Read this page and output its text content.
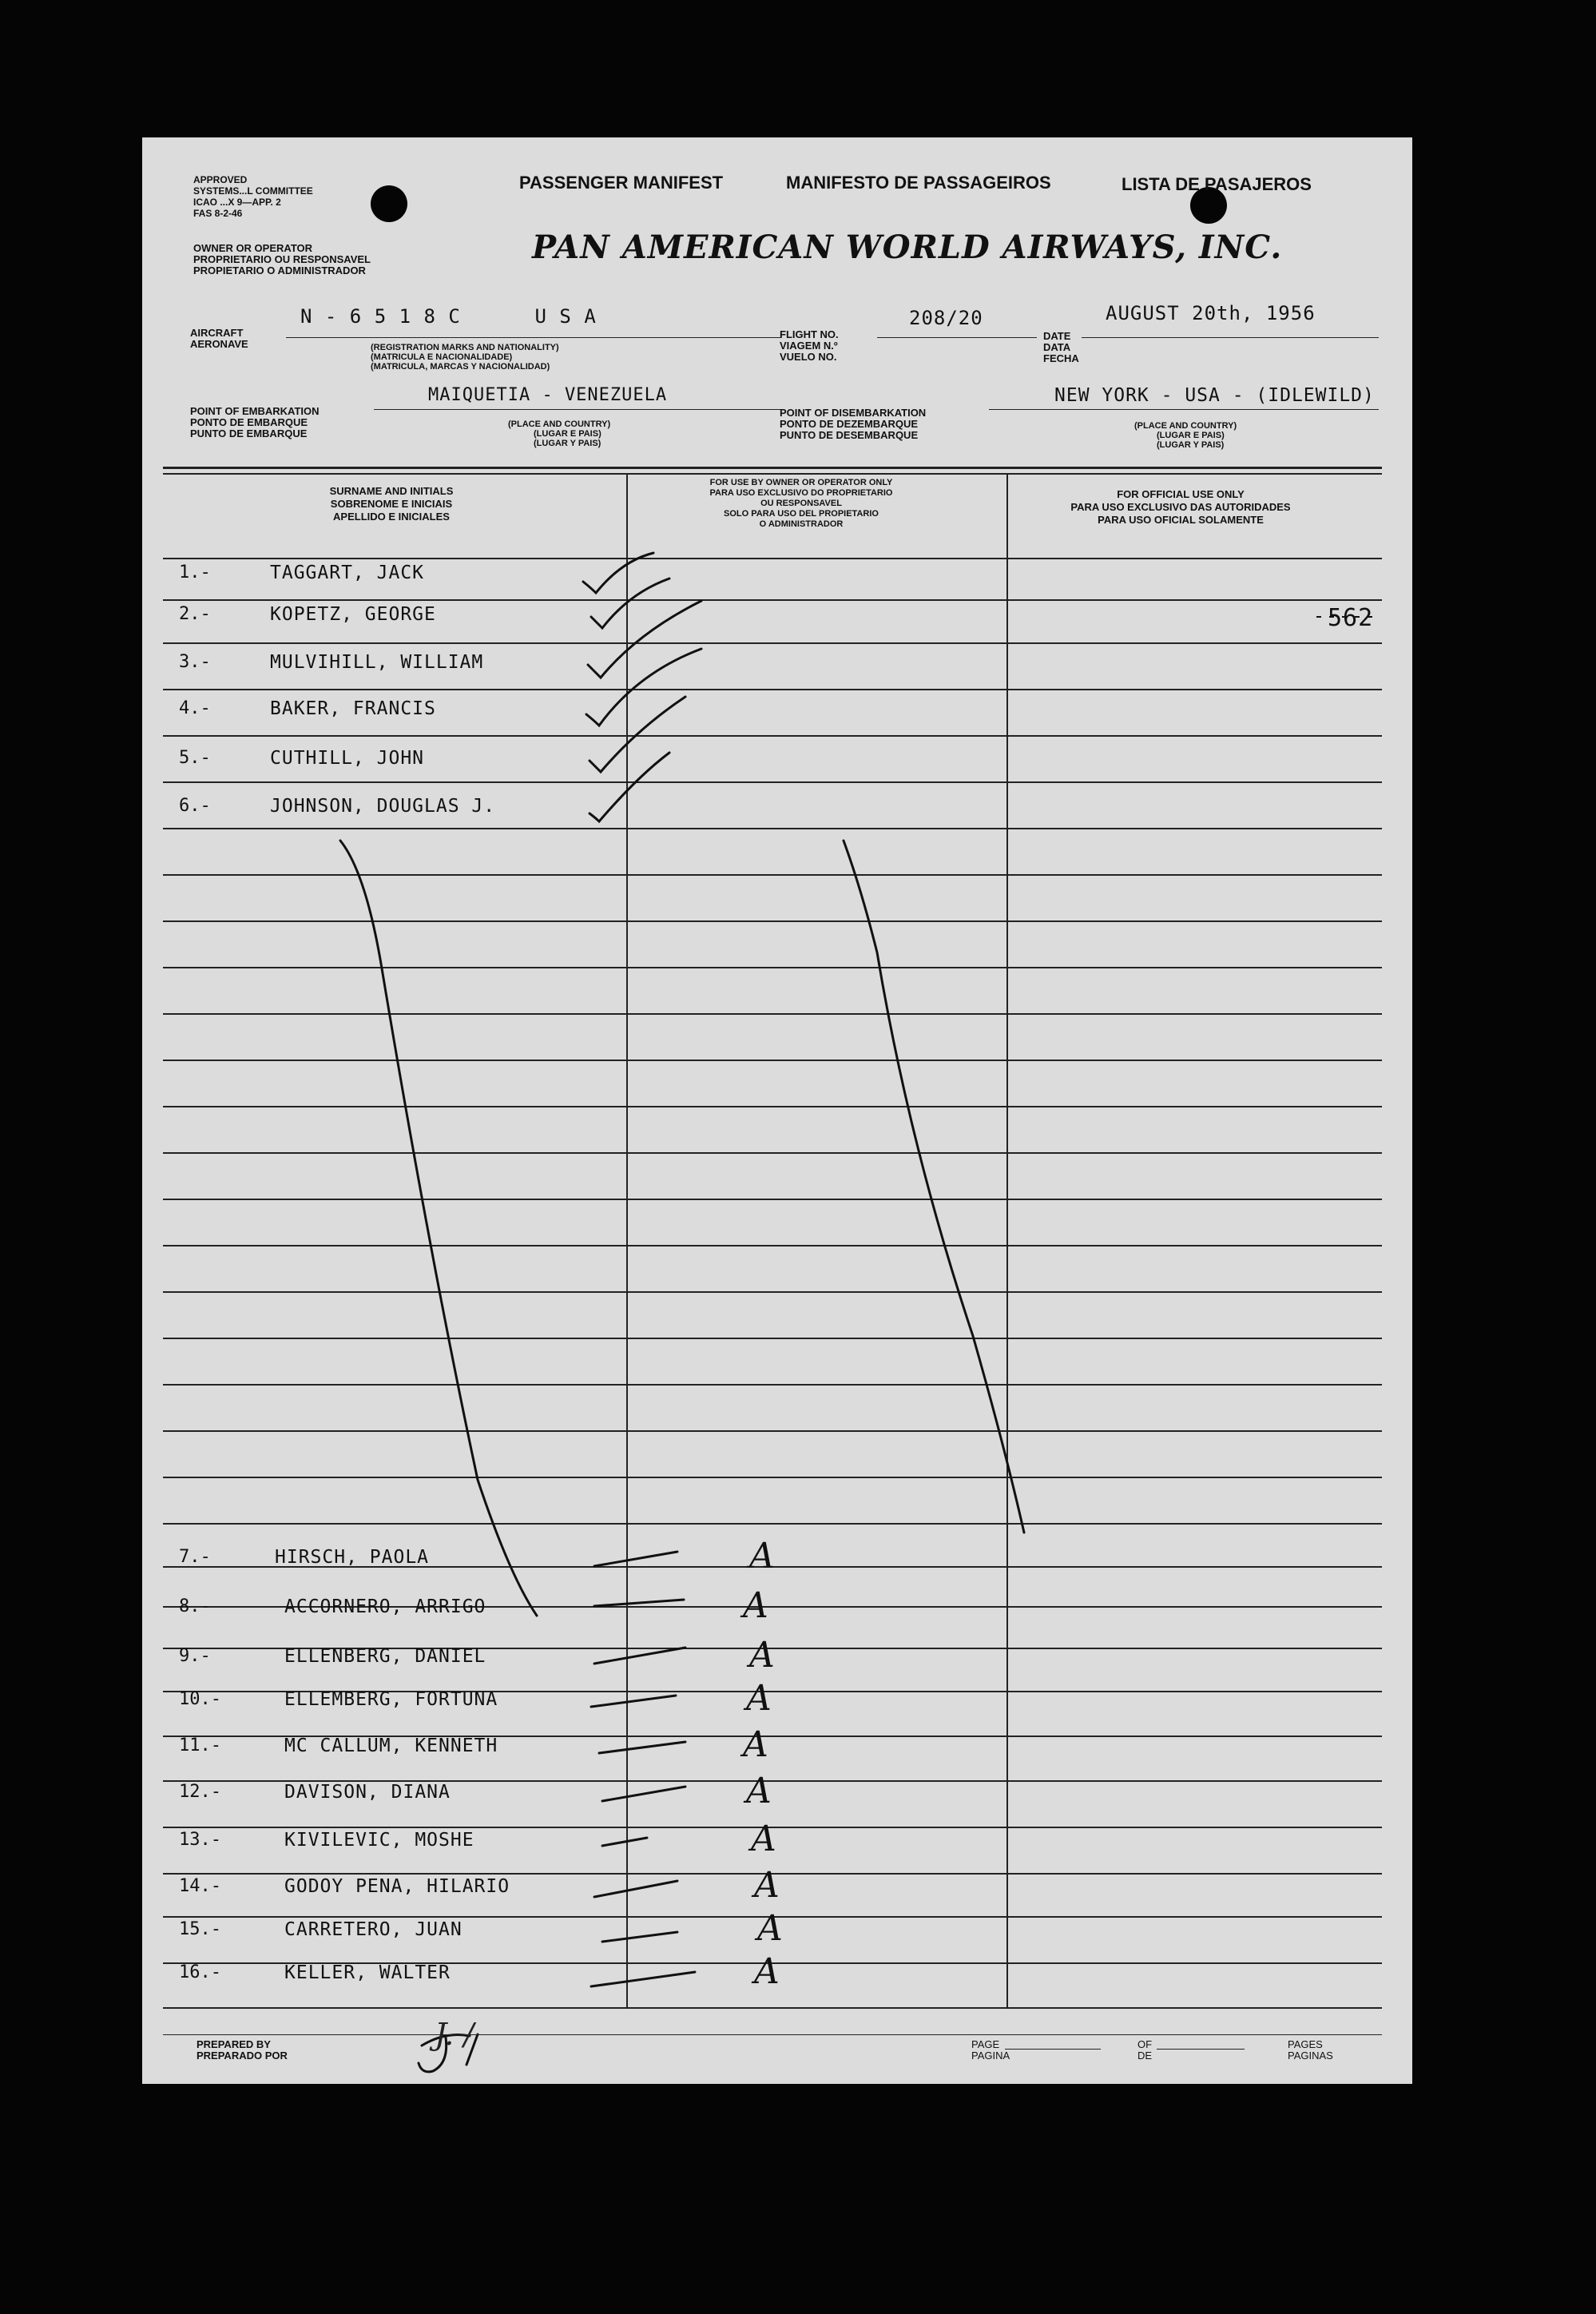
APPROVED
SYSTEMS...L COMMITTEE
ICAO ...X 9—APP. 2
FAS 8-2-46
PASSENGER MANIFEST	MANIFESTO DE PASSAGEIROS	LISTA DE PASAJEROS
OWNER OR OPERATOR
PROPRIETARIO OU RESPONSAVEL
PROPIETARIO O ADMINISTRADOR
PAN AMERICAN WORLD AIRWAYS, INC.
AIRCRAFT
AERONAVE
N - 6 5 1 8 C      U S A
(REGISTRATION MARKS AND NATIONALITY)
(MATRICULA E NACIONALIDADE)
(MATRICULA, MARCAS Y NACIONALIDAD)
FLIGHT NO.
VIAGEM N.º
VUELO NO.
208/20
DATE
DATA
FECHA
AUGUST 20th, 1956
POINT OF EMBARKATION
PONTO DE EMBARQUE
PUNTO DE EMBARQUE
MAIQUETIA - VENEZUELA
(PLACE AND COUNTRY)
(LUGAR E PAIS)
(LUGAR Y PAIS)
POINT OF DISEMBARKATION
PONTO DE DEZEMBARQUE
PUNTO DE DESEMBARQUE
NEW YORK - USA - (IDLEWILD)
(PLACE AND COUNTRY)
(LUGAR E PAIS)
(LUGAR Y PAIS)
SURNAME AND INITIALS
SOBRENOME E INICIAIS
APELLIDO E INICIALES
FOR USE BY OWNER OR OPERATOR ONLY
PARA USO EXCLUSIVO DO PROPRIETARIO
OU RESPONSAVEL
SOLO PARA USO DEL PROPIETARIO
O ADMINISTRADOR
FOR OFFICIAL USE ONLY
PARA USO EXCLUSIVO DAS AUTORIDADES
PARA USO OFICIAL SOLAMENTE
562
1.-	TAGGART, JACK
2.-	KOPETZ, GEORGE
3.-	MULVIHILL, WILLIAM
4.-	BAKER, FRANCIS
5.-	CUTHILL, JOHN
6.-	JOHNSON, DOUGLAS J.
7.-	HIRSCH, PAOLA	A
8.-	ACCORNERO, ARRIGO	A
9.-	ELLENBERG, DANIEL	A
10.-	ELLEMBERG, FORTUNA	A
11.-	MC CALLUM, KENNETH	A
12.-	DAVISON, DIANA	A
13.-	KIVILEVIC, MOSHE	A
14.-	GODOY PENA, HILARIO	A
15.-	CARRETERO, JUAN	A
16.-	KELLER, WALTER	A
PREPARED BY
PREPARADO POR
J. /	PAGE
PAGINA
OF
DE
PAGES
PAGINAS
